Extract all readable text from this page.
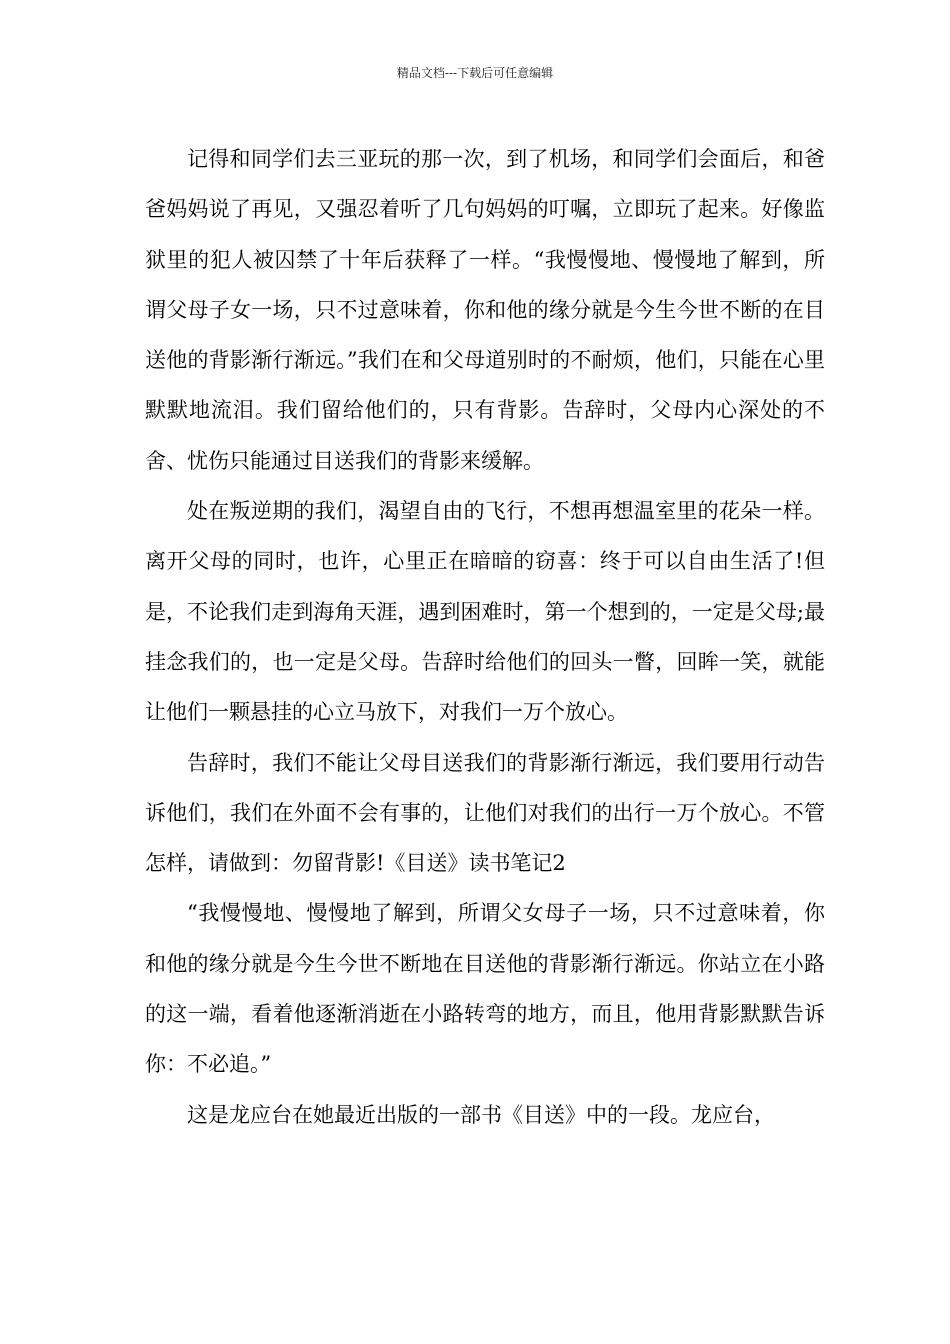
精品文档---下载后可任意编辑

记得和同学们去三亚玩的那一次，到了机场，和同学们会面后，和爸爸妈妈说了再见，又强忍着听了几句妈妈的叮嘱，立即玩了起来。好像监狱里的犯人被囚禁了十年后获释了一样。“我慢慢地、慢慢地了解到，所谓父母子女一场，只不过意味着，你和他的缘分就是今生今世不断的在目送他的背影渐行渐远。”我们在和父母道别时的不耐烦，他们，只能在心里默默地流泪。我们留给他们的，只有背影。告辞时，父母内心深处的不舍、忧伤只能通过目送我们的背影来缓解。

处在叛逆期的我们，渴望自由的飞行，不想再想温室里的花朵一样。离开父母的同时，也许，心里正在暗暗的窃喜：终于可以自由生活了!但是，不论我们走到海角天涯，遇到困难时，第一个想到的，一定是父母;最挂念我们的，也一定是父母。告辞时给他们的回头一瞥，回眸一笑，就能让他们一颗悬挂的心立马放下，对我们一万个放心。

告辞时，我们不能让父母目送我们的背影渐行渐远，我们要用行动告诉他们，我们在外面不会有事的，让他们对我们的出行一万个放心。不管怎样，请做到：勿留背影!《目送》读书笔记2

“我慢慢地、慢慢地了解到，所谓父女母子一场，只不过意味着，你和他的缘分就是今生今世不断地在目送他的背影渐行渐远。你站立在小路的这一端，看着他逐渐消逝在小路转弯的地方，而且，他用背影默默告诉你：不必追。”

这是龙应台在她最近出版的一部书《目送》中的一段。龙应台，
